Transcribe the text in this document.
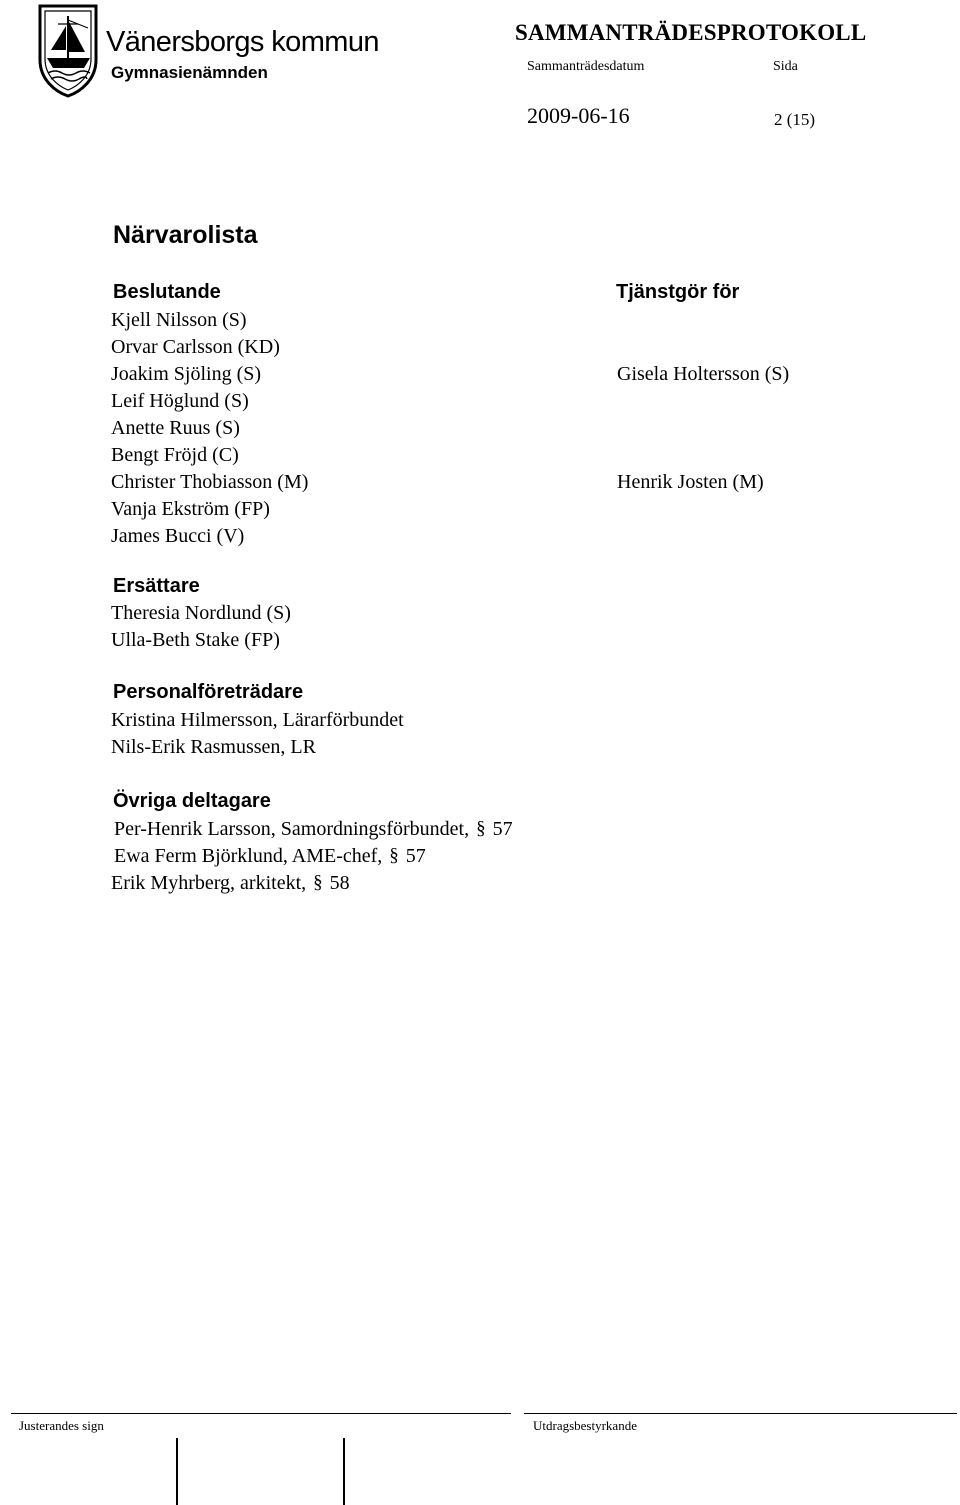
Vänersborgs kommun
Gymnasienämnden
SAMMANTRÄDESPROTOKOLL
Sammanträdesdatum	Sida
2009-06-16	2 (15)
Närvarolista
Beslutande	Tjänstgör för
Kjell Nilsson (S)
Orvar Carlsson (KD)
Joakim Sjöling (S)	Gisela Holtersson (S)
Leif Höglund (S)
Anette Ruus (S)
Bengt Fröjd (C)
Christer Thobiasson (M)	Henrik Josten (M)
Vanja Ekström (FP)
James Bucci (V)
Ersättare
Theresia Nordlund (S)
Ulla-Beth Stake (FP)
Personalföreträdare
Kristina Hilmersson, Lärarförbundet
Nils-Erik Rasmussen, LR
Övriga deltagare
Per-Henrik Larsson, Samordningsförbundet, § 57
Ewa Ferm Björklund, AME-chef, § 57
Erik Myhrberg, arkitekt, § 58
Justerandes sign	Utdragsbestyrkande
